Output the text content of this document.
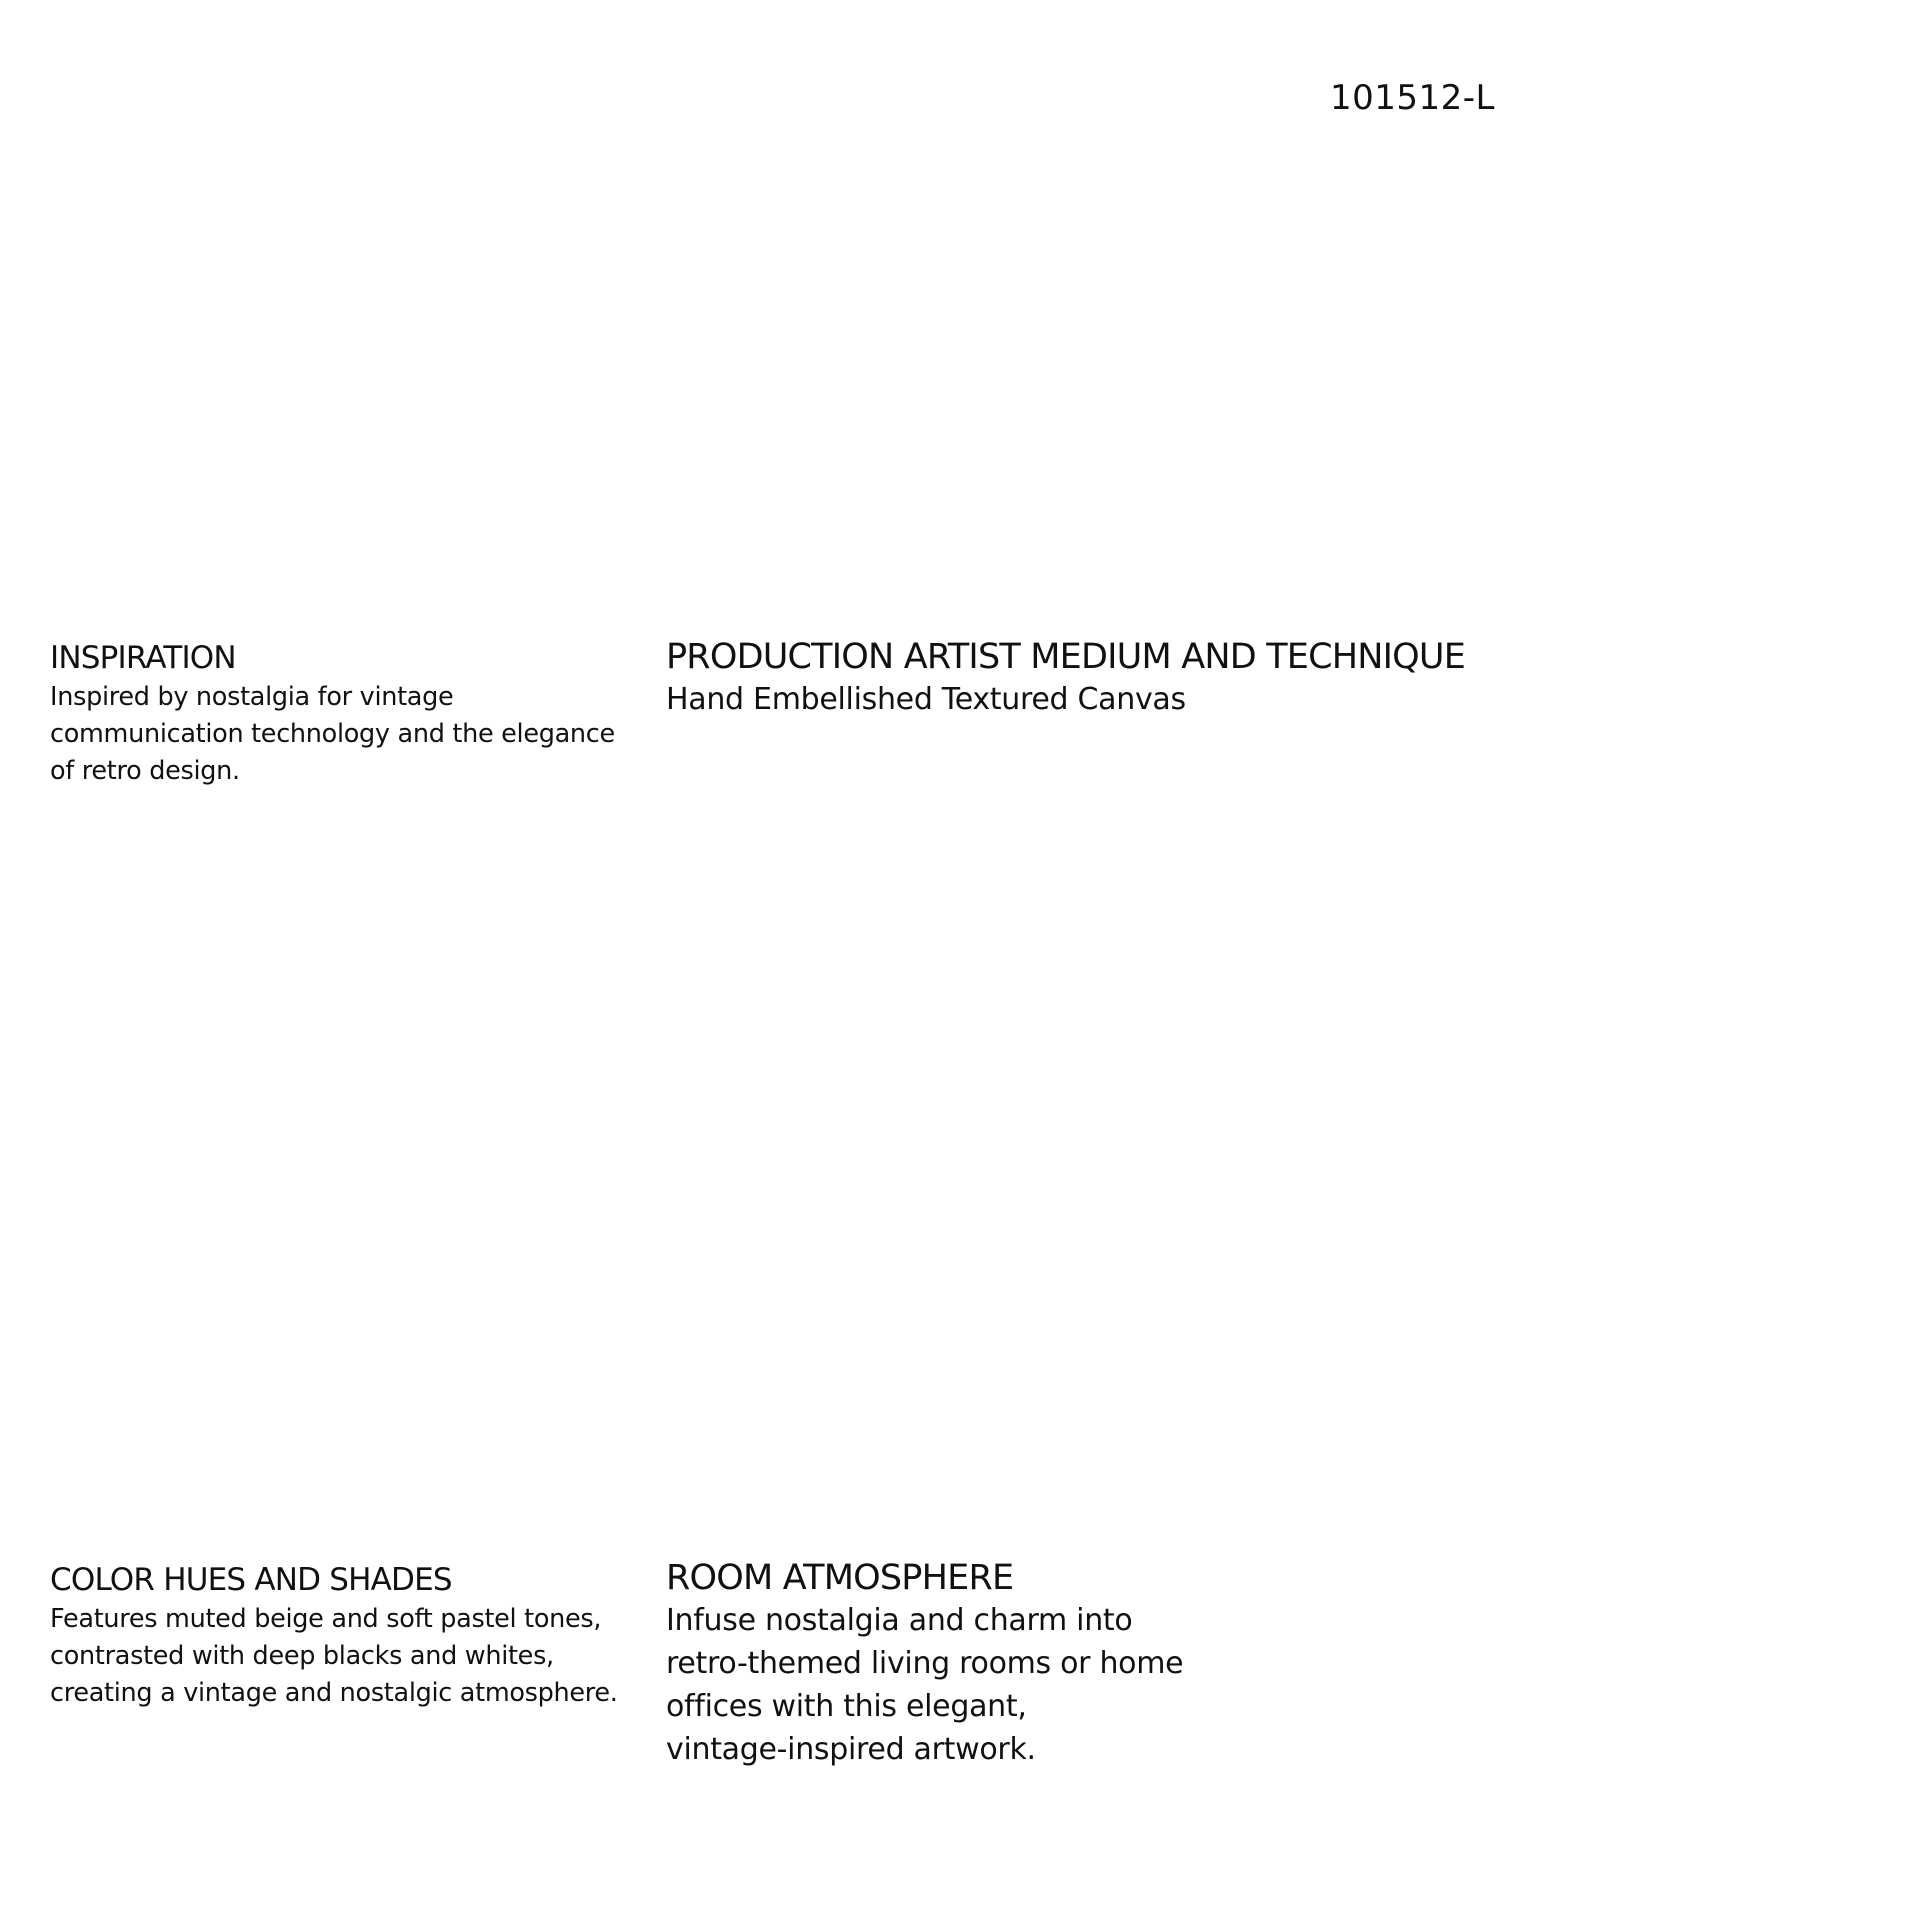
101512-L
INSPIRATION
Inspired by nostalgia for vintage
communication technology and the elegance
of retro design.
PRODUCTION ARTIST MEDIUM AND TECHNIQUE
Hand Embellished Textured Canvas
COLOR HUES AND SHADES
Features muted beige and soft pastel tones,
contrasted with deep blacks and whites,
creating a vintage and nostalgic atmosphere.
ROOM ATMOSPHERE
Infuse nostalgia and charm into
retro-themed living rooms or home
offices with this elegant,
vintage-inspired artwork.
